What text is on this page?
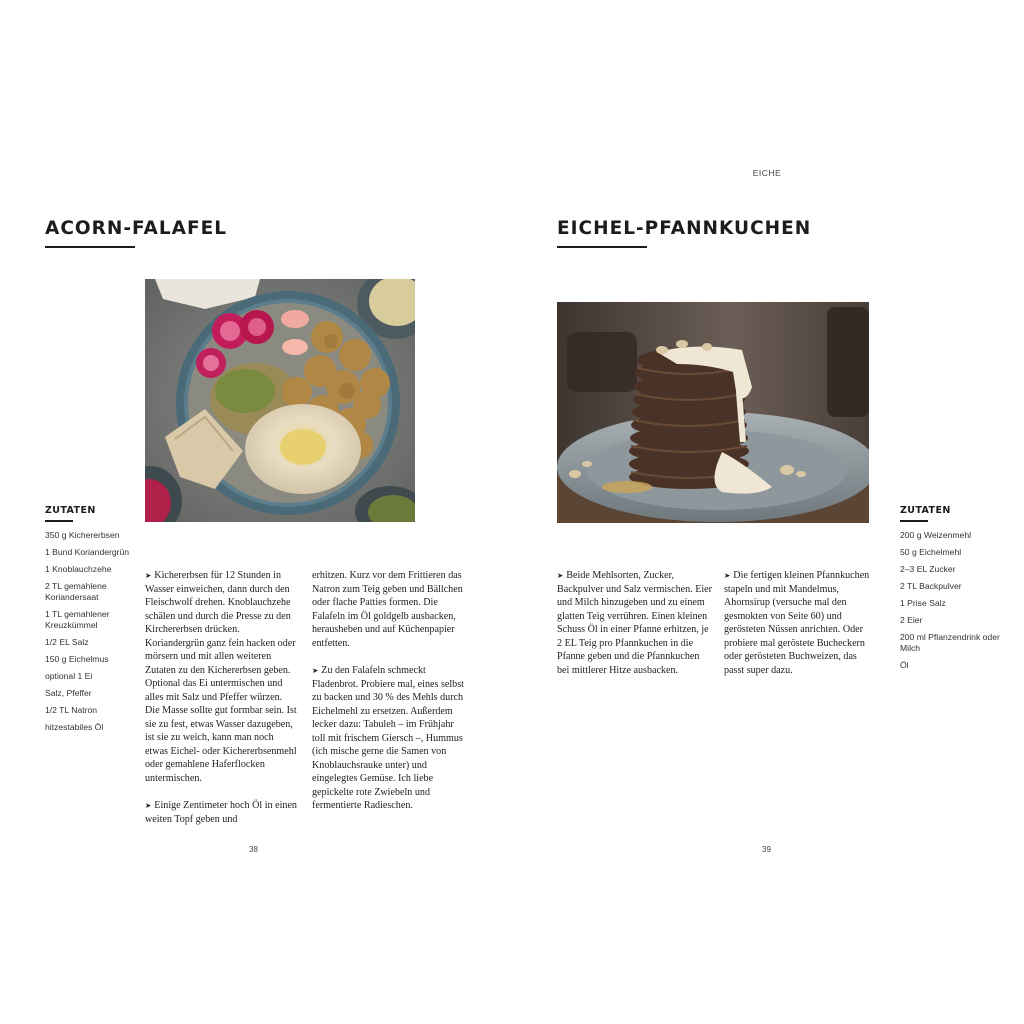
EICHE
ACORN-FALAFEL
ZUTATEN
350 g Kichererbsen
1 Bund Koriandergrün
1 Knoblauchzehe
2 TL gemahlene Koriandersaat
1 TL gemahlener Kreuzkümmel
1/2 EL Salz
150 g Eichelmus
optional 1 Ei
Salz, Pfeffer
1/2 TL Natron
hitzestabiles Öl

➤ Kichererbsen für 12 Stunden in Wasser einweichen, dann durch den Fleischwolf drehen. Knoblauchzehe schälen und durch die Presse zu den Kirchererbsen drücken. Koriandergrün ganz fein hacken oder mörsern und mit allen weiteren Zutaten zu den Kichererbsen geben. Optional das Ei untermischen und alles mit Salz und Pfeffer würzen. Die Masse sollte gut formbar sein. Ist sie zu fest, etwas Wasser dazugeben, ist sie zu weich, kann man noch etwas Eichel- oder Kichererbsenmehl oder gemahlene Haferflocken untermischen.

➤ Einige Zentimeter hoch Öl in einen weiten Topf geben und

erhitzen. Kurz vor dem Frittieren das Natron zum Teig geben und Bällchen oder flache Patties formen. Die Falafeln im Öl goldgelb ausbacken, herausheben und auf Küchenpapier entfetten.

➤ Zu den Falafeln schmeckt Fladenbrot. Probiere mal, eines selbst zu backen und 30 % des Mehls durch Eichelmehl zu ersetzen. Außerdem lecker dazu: Tabuleh – im Frühjahr toll mit frischem Giersch –, Hummus (ich mische gerne die Samen von Knoblauchsrauke unter) und eingelegtes Gemüse. Ich liebe gepickelte rote Zwiebeln und fermentierte Radieschen.

38
EICHEL-PFANNKUCHEN

➤ Beide Mehlsorten, Zucker, Backpulver und Salz vermischen. Eier und Milch hinzugeben und zu einem glatten Teig verrühren. Einen kleinen Schuss Öl in einer Pfanne erhitzen, je 2 EL Teig pro Pfannkuchen in die Pfanne geben und die Pfannkuchen bei mittlerer Hitze ausbacken.

➤ Die fertigen kleinen Pfannkuchen stapeln und mit Mandelmus, Ahornsirup (versuche mal den gesmokten von Seite 60) und gerösteten Nüssen anrichten. Oder probiere mal geröstete Bucheckern oder gerösteten Buchweizen, das passt super dazu.

ZUTATEN
200 g Weizenmehl
50 g Eichelmehl
2–3 EL Zucker
2 TL Backpulver
1 Prise Salz
2 Eier
200 ml Pflanzendrink oder Milch
Öl
39
